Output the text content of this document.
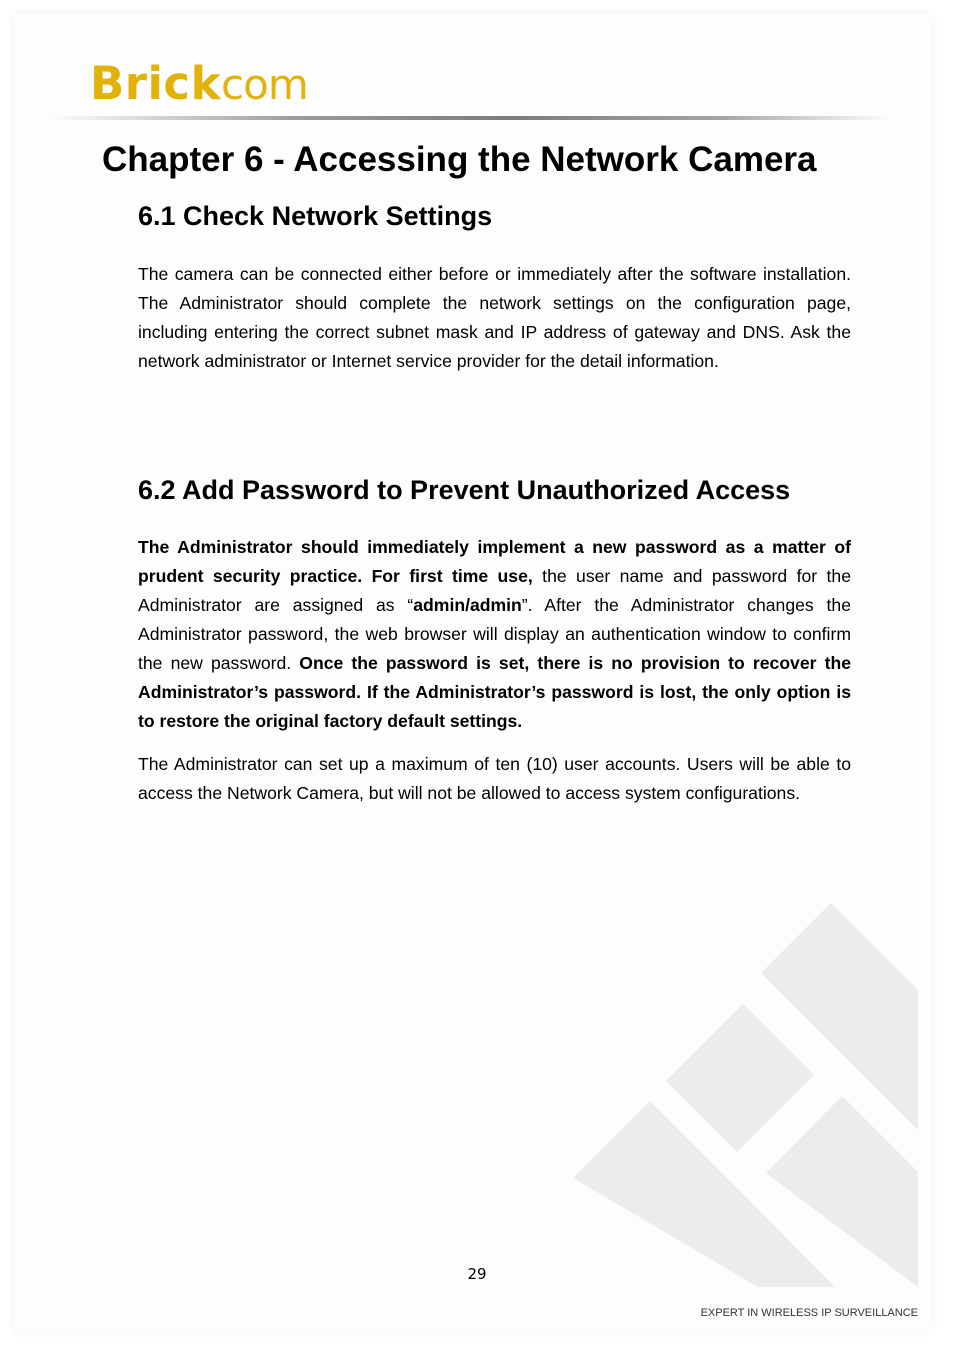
Brick com
Chapter 6 - Accessing the Network Camera
6.1 Check Network Settings

The camera can be connected either before or immediately after the software installation. The Administrator should complete the network settings on the configuration page, including entering the correct subnet mask and IP address of gateway and DNS. Ask the network administrator or Internet service provider for the detail information.

6.2 Add Password to Prevent Unauthorized Access

The Administrator should immediately implement a new password as a matter of prudent security practice. For first time use, the user name and password for the Administrator are assigned as “admin/admin”. After the Administrator changes the Administrator password, the web browser will display an authentication window to confirm the new password. Once the password is set, there is no provision to recover the Administrator’s password. If the Administrator’s password is lost, the only option is to restore the original factory default settings.

The Administrator can set up a maximum of ten (10) user accounts. Users will be able to access the Network Camera, but will not be allowed to access system configurations.

29
EXPERT IN WIRELESS IP SURVEILLANCE
